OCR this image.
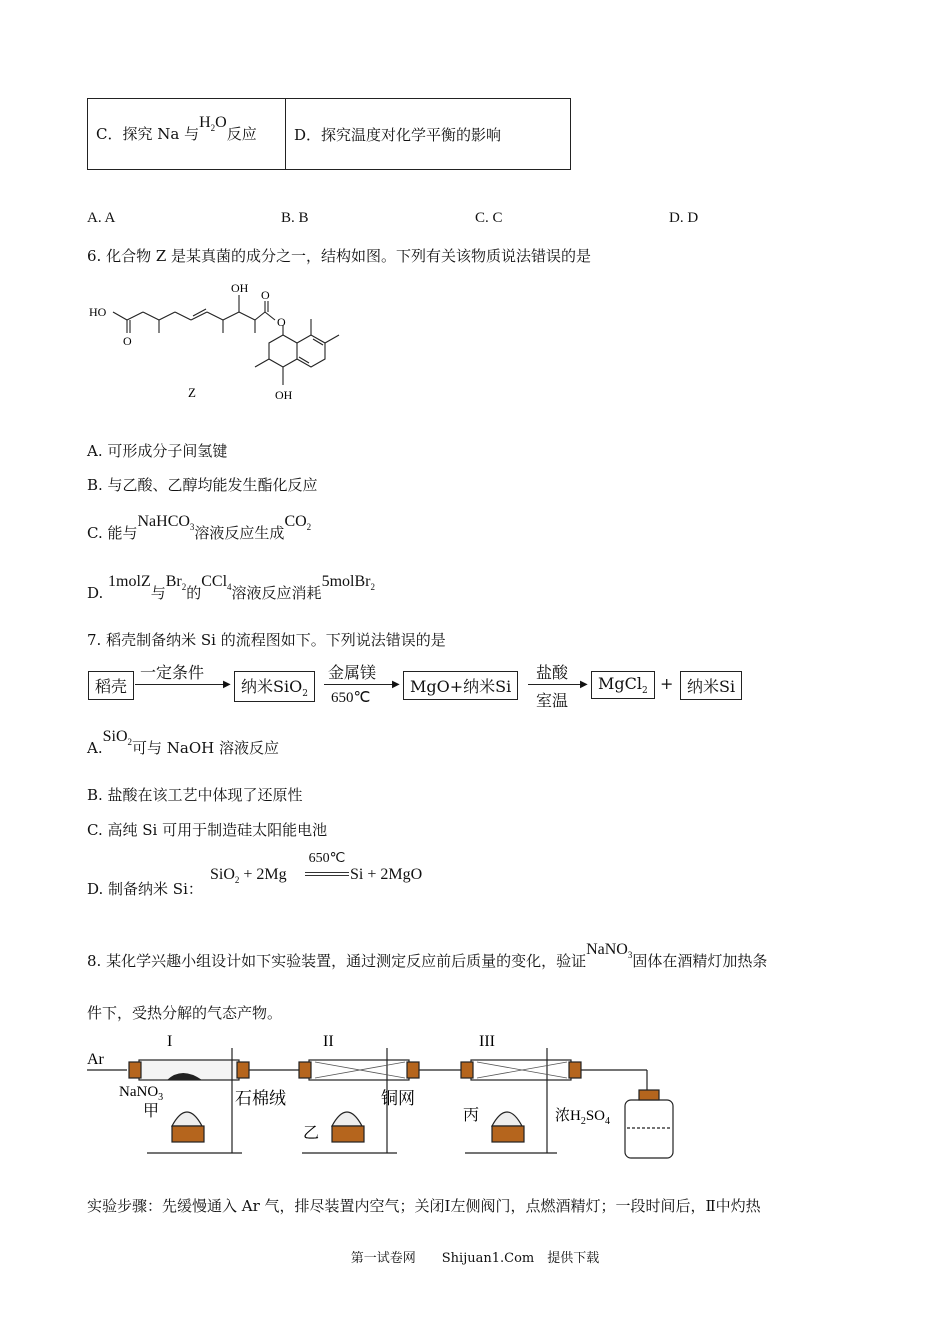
C．探究 Na 与$H_2O$反应	D．探究温度对化学平衡的影响
A. A	B. B	C. C	D. D
6. 化合物 Z 是某真菌的成分之一，结构如图。下列有关该物质说法错误的是
HO
O
OH O
O
OH
Z
A. 可形成分子间氢键
B. 与乙酸、乙醇均能发生酯化反应
C. 能与NaHCO$_3$溶液反应生成$CO_2$
D. 1molZ与$Br_2$的CCl$_4$溶液反应消耗5molBr$_2$
7. 稻壳制备纳米 Si 的流程图如下。下列说法错误的是
稻壳
一定条件
▶ 纳米SiO$_2$
金属镁
650℃
▶ MgO+纳米Si
盐酸
室温
▶ MgCl$_2$ + 纳米Si
A.SiO$_2$可与 NaOH 溶液反应
B. 盐酸在该工艺中体现了还原性
C. 高纯 Si 可用于制造硅太阳能电池
D. 制备纳米 Si：
SiO$_2$ + 2Mg
650℃
Si + 2MgO
8. 某化学兴趣小组设计如下实验装置，通过测定反应前后质量的变化，验证NaNO$_3$固体在酒精灯加热条
件下，受热分解的气态产物。
Ar
I	II	III
NaNO$_3$
甲
石棉绒
乙
铜网
丙	浓$H_2SO_4$
实验步骤：先缓慢通入 Ar 气，排尽装置内空气；关闭Ⅰ左侧阀门，点燃酒精灯；一段时间后，Ⅱ中灼热
第一试卷网　　Shijuan1.Com　提供下载
